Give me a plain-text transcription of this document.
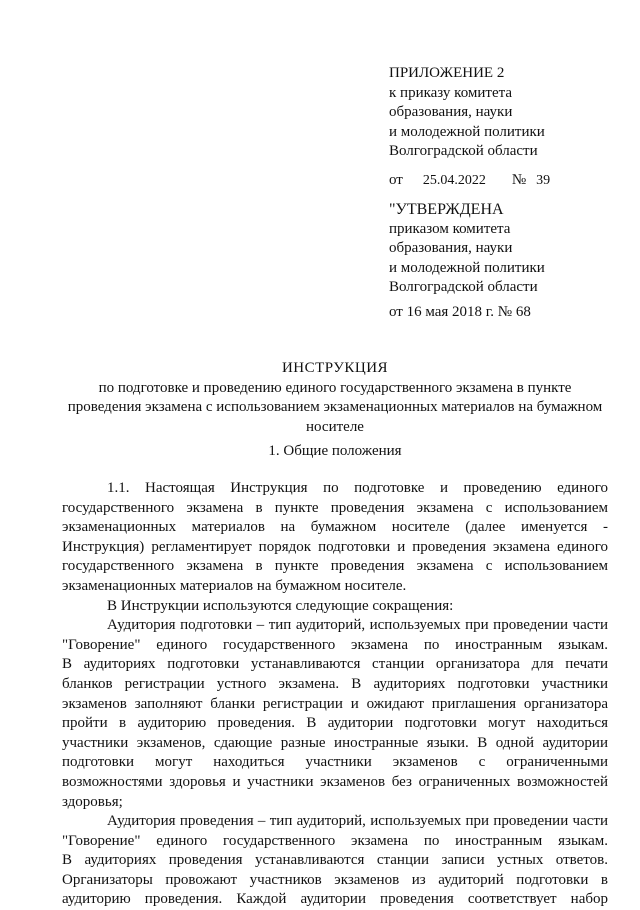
ПРИЛОЖЕНИЕ 2
к приказу комитета
образования, науки
и молодежной политики
Волгоградской области
от 25.04.2022 № 39
"УТВЕРЖДЕНА
приказом комитета
образования, науки
и молодежной политики
Волгоградской области
от 16 мая 2018 г. № 68
ИНСТРУКЦИЯ
по подготовке и проведению единого государственного экзамена в пункте
проведения экзамена с использованием экзаменационных материалов на бумажном
носителе
1. Общие положения
1.1. Настоящая Инструкция по подготовке и проведению единого
государственного экзамена в пункте проведения экзамена с использованием
экзаменационных материалов на бумажном носителе (далее именуется -
Инструкция) регламентирует порядок подготовки и проведения экзамена единого
государственного экзамена в пункте проведения экзамена с использованием
экзаменационных материалов на бумажном носителе.
В Инструкции используются следующие сокращения:
Аудитория подготовки – тип аудиторий, используемых при проведении части
"Говорение" единого государственного экзамена по иностранным языкам.
В аудиториях подготовки устанавливаются станции организатора для печати
бланков регистрации устного экзамена. В аудиториях подготовки участники
экзаменов заполняют бланки регистрации и ожидают приглашения организатора
пройти в аудиторию проведения. В аудитории подготовки могут находиться
участники экзаменов, сдающие разные иностранные языки. В одной аудитории
подготовки могут находиться участники экзаменов с ограниченными
возможностями здоровья и участники экзаменов без ограниченных возможностей
здоровья;
Аудитория проведения – тип аудиторий, используемых при проведении части
"Говорение" единого государственного экзамена по иностранным языкам.
В аудиториях проведения устанавливаются станции записи устных ответов.
Организаторы провожают участников экзаменов из аудиторий подготовки в
аудиторию проведения. Каждой аудитории проведения соответствует набор
